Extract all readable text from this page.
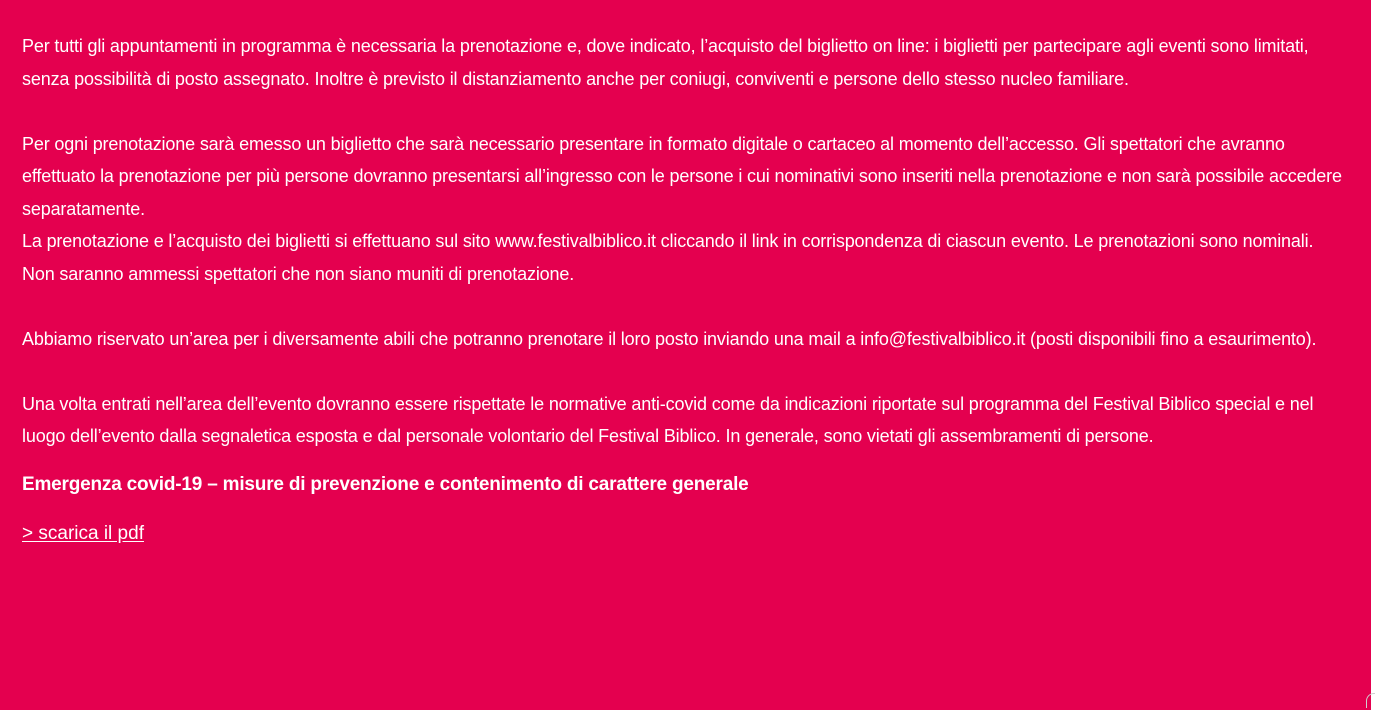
Per tutti gli appuntamenti in programma è necessaria la prenotazione e, dove indicato, l’acquisto del biglietto on line: i biglietti per partecipare agli eventi sono limitati, senza possibilità di posto assegnato. Inoltre è previsto il distanziamento anche per coniugi, conviventi e persone dello stesso nucleo familiare.

Per ogni prenotazione sarà emesso un biglietto che sarà necessario presentare in formato digitale o cartaceo al momento dell’accesso. Gli spettatori che avranno effettuato la prenotazione per più persone dovranno presentarsi all’ingresso con le persone i cui nominativi sono inseriti nella prenotazione e non sarà possibile accedere separatamente.

La prenotazione e l’acquisto dei biglietti si effettuano sul sito www.festivalbiblico.it cliccando il link in corrispondenza di ciascun evento. Le prenotazioni sono nominali.

Non saranno ammessi spettatori che non siano muniti di prenotazione.

Abbiamo riservato un’area per i diversamente abili che potranno prenotare il loro posto inviando una mail a info@festivalbiblico.it (posti disponibili fino a esaurimento).

Una volta entrati nell’area dell’evento dovranno essere rispettate le normative anti-covid come da indicazioni riportate sul programma del Festival Biblico special e nel luogo dell’evento dalla segnaletica esposta e dal personale volontario del Festival Biblico. In generale, sono vietati gli assembramenti di persone.

Emergenza covid-19 – misure di prevenzione e contenimento di carattere generale

> scarica il pdf
